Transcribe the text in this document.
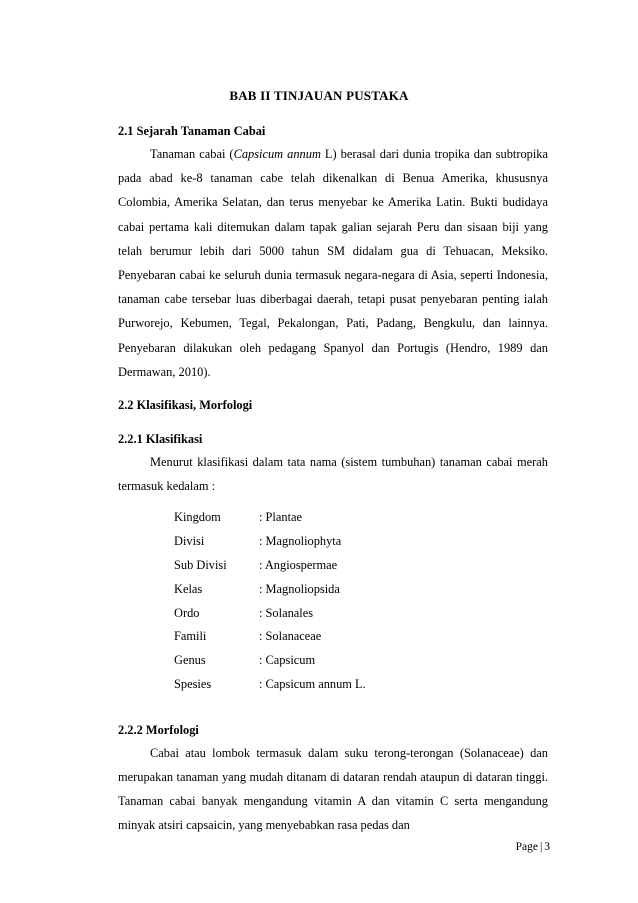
BAB II TINJAUAN PUSTAKA

2.1 Sejarah Tanaman Cabai

Tanaman cabai (Capsicum annum L) berasal dari dunia tropika dan subtropika pada abad ke-8 tanaman cabe telah dikenalkan di Benua Amerika, khususnya Colombia, Amerika Selatan, dan terus menyebar ke Amerika Latin. Bukti budidaya cabai pertama kali ditemukan dalam tapak galian sejarah Peru dan sisaan biji yang telah berumur lebih dari 5000 tahun SM didalam gua di Tehuacan, Meksiko. Penyebaran cabai ke seluruh dunia termasuk negara-negara di Asia, seperti Indonesia, tanaman cabe tersebar luas diberbagai daerah, tetapi pusat penyebaran penting ialah Purworejo, Kebumen, Tegal, Pekalongan, Pati, Padang, Bengkulu, dan lainnya. Penyebaran dilakukan oleh pedagang Spanyol dan Portugis (Hendro, 1989 dan Dermawan, 2010).

2.2 Klasifikasi, Morfologi

2.2.1 Klasifikasi

Menurut klasifikasi dalam tata nama (sistem tumbuhan) tanaman cabai merah termasuk kedalam :

Kingdom	: Plantae
Divisi	: Magnoliophyta
Sub Divisi	: Angiospermae
Kelas	: Magnoliopsida
Ordo	: Solanales
Famili	: Solanaceae
Genus	: Capsicum
Spesies	: Capsicum annum L.

2.2.2 Morfologi

Cabai atau lombok termasuk dalam suku terong-terongan (Solanaceae) dan merupakan tanaman yang mudah ditanam di dataran rendah ataupun di dataran tinggi. Tanaman cabai banyak mengandung vitamin A dan vitamin C serta mengandung minyak atsiri capsaicin, yang menyebabkan rasa pedas dan

Page | 3
